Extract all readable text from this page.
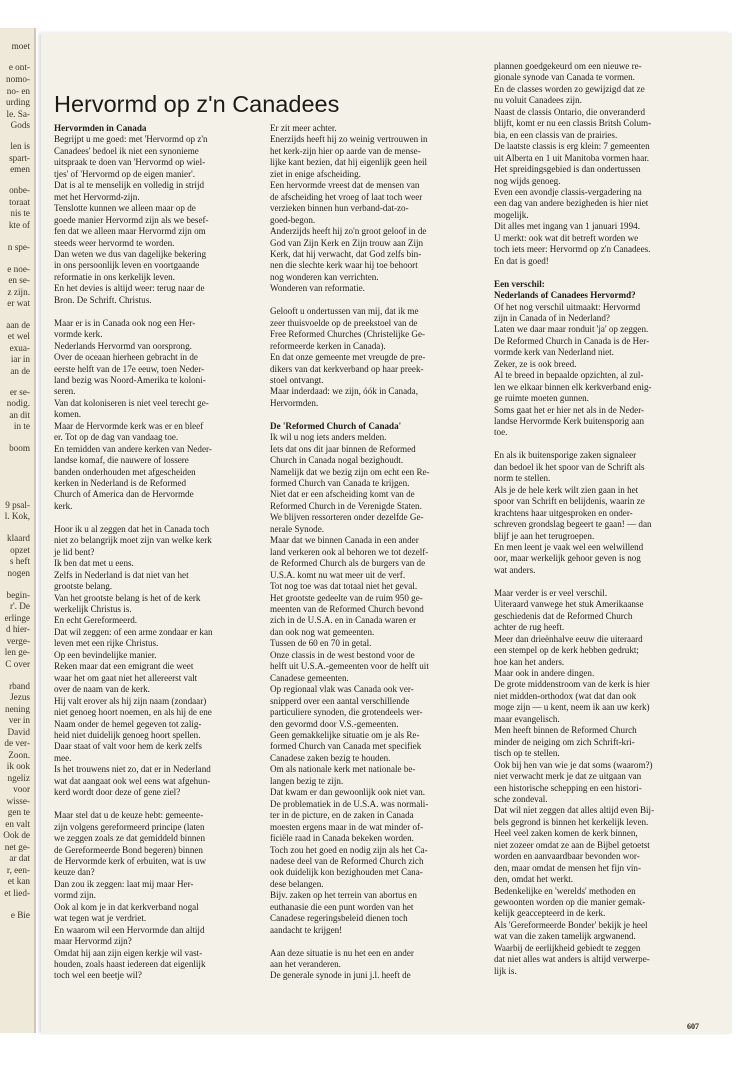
moet
e ont-
nomo-
no- en
urding
le. Sa-
Gods
len is
spart-
emen
onbe-
toraat
nis te
kte of
n spe-
e noe-
en se-
z zijn.
er wat
aan de
et wel
exua-
iar in
an de
er se-
nodig.
an dit
in te
boom
9 psal-
l. Kok,
klaard
opzet
s heft
nogen
begin-
r'. De
erlinge
d hier-
verge-
len ge-
C over
rband
Jezus
nening
ver in
David
de ver-
Zoon.
ik ook
ngeliz
voor
wisse-
gen te
en valt
Ook de
net ge-
ar dat
r, een-
et kan
et lied-
e Bie
Hervormd op z'n Canadees

Hervormden in Canada

Begrijpt u me goed: met 'Hervormd op z'n

Canadees' bedoel ik niet een synonieme

uitspraak te doen van 'Hervormd op wiel-

tjes' of 'Hervormd op de eigen manier'.

Dat is al te menselijk en volledig in strijd

met het Hervormd-zijn.

Tenslotte kunnen we alleen maar op de

goede manier Hervormd zijn als we besef-

fen dat we alleen maar Hervormd zijn om

steeds weer hervormd te worden.

Dan weten we dus van dagelijke bekering

in ons persoonlijk leven en voortgaande

reformatie in ons kerkelijk leven.

En het devies is altijd weer: terug naar de

Bron. De Schrift. Christus.

Maar er is in Canada ook nog een Her-

vormde kerk.

Nederlands Hervormd van oorsprong.

Over de oceaan hierheen gebracht in de

eerste helft van de 17e eeuw, toen Neder-

land bezig was Noord-Amerika te koloni-

seren.

Van dat koloniseren is niet veel terecht ge-

komen.

Maar de Hervormde kerk was er en bleef

er. Tot op de dag van vandaag toe.

En temidden van andere kerken van Neder-

landse komaf, die nauwere of lossere

banden onderhouden met afgescheiden

kerken in Nederland is de Reformed

Church of America dan de Hervormde

kerk.

Hoor ik u al zeggen dat het in Canada toch

niet zo belangrijk moet zijn van welke kerk

je lid bent?

Ik ben dat met u eens.

Zelfs in Nederland is dat niet van het

grootste belang.

Van het grootste belang is het of de kerk

werkelijk Christus is.

En echt Gereformeerd.

Dat wil zeggen: of een arme zondaar er kan

leven met een rijke Christus.

Op een bevindelijke manier.

Reken maar dat een emigrant die weet

waar het om gaat niet het allereerst valt

over de naam van de kerk.

Hij valt erover als hij zijn naam (zondaar)

niet genoeg hoort noemen, en als hij de ene

Naam onder de hemel gegeven tot zalig-

heid niet duidelijk genoeg hoort spellen.

Daar staat of valt voor hem de kerk zelfs

mee.

Is het trouwens niet zo, dat er in Nederland

wat dat aangaat ook wel eens wat afgehun-

kerd wordt door deze of gene ziel?

Maar stel dat u de keuze hebt: gemeente-

zijn volgens gereformeerd principe (laten

we zeggen zoals ze dat gemiddeld binnen

de Gereformeerde Bond begeren) binnen

de Hervormde kerk of erbuiten, wat is uw

keuze dan?

Dan zou ik zeggen: laat mij maar Her-

vormd zijn.

Ook al kom je in dat kerkverband nogal

wat tegen wat je verdriet.

En waarom wil een Hervormde dan altijd

maar Hervormd zijn?

Omdat hij aan zijn eigen kerkje wil vast-

houden, zoals haast iedereen dat eigenlijk

toch wel een beetje wil?

Er zit meer achter.

Enerzijds heeft hij zo weinig vertrouwen in

het kerk-zijn hier op aarde van de mense-

lijke kant bezien, dat hij eigenlijk geen heil

ziet in enige afscheiding.

Een hervormde vreest dat de mensen van

de afscheiding het vroeg of laat toch weer

verzieken binnen hun verband-dat-zo-

goed-begon.

Anderzijds heeft hij zo'n groot geloof in de

God van Zijn Kerk en Zijn trouw aan Zijn

Kerk, dat hij verwacht, dat God zelfs bin-

nen die slechte kerk waar hij toe behoort

nog wonderen kan verrichten.

Wonderen van reformatie.

Gelooft u ondertussen van mij, dat ik me

zeer thuisvoelde op de preekstoel van de

Free Reformed Churches (Christelijke Ge-

reformeerde kerken in Canada).

En dat onze gemeente met vreugde de pre-

dikers van dat kerkverband op haar preek-

stoel ontvangt.

Maar inderdaad: we zijn, óók in Canada,

Hervormden.

De 'Reformed Church of Canada'

Ik wil u nog iets anders melden.

Iets dat ons dit jaar binnen de Reformed

Church in Canada nogal bezighoudt.

Namelijk dat we bezig zijn om echt een Re-

formed Church van Canada te krijgen.

Niet dat er een afscheiding komt van de

Reformed Church in de Verenigde Staten.

We blijven ressorteren onder dezelfde Ge-

nerale Synode.

Maar dat we binnen Canada in een ander

land verkeren ook al behoren we tot dezelf-

de Reformed Church als de burgers van de

U.S.A. komt nu wat meer uit de verf.

Tot nog toe was dat totaal niet het geval.

Het grootste gedeelte van de ruim 950 ge-

meenten van de Reformed Church bevond

zich in de U.S.A. en in Canada waren er

dan ook nog wat gemeenten.

Tussen de 60 en 70 in getal.

Onze classis in de west bestond voor de

helft uit U.S.A.-gemeenten voor de helft uit

Canadese gemeenten.

Op regionaal vlak was Canada ook ver-

snipperd over een aantal verschillende

particuliere synoden, die grotendeels wer-

den gevormd door V.S.-gemeenten.

Geen gemakkelijke situatie om je als Re-

formed Church van Canada met specifiek

Canadese zaken bezig te houden.

Om als nationale kerk met nationale be-

langen bezig te zijn.

Dat kwam er dan gewoonlijk ook niet van.

De problematiek in de U.S.A. was normali-

ter in de picture, en de zaken in Canada

moesten ergens maar in de wat minder of-

ficiële raad in Canada bekeken worden.

Toch zou het goed en nodig zijn als het Ca-

nadese deel van de Reformed Church zich

ook duidelijk kon bezighouden met Cana-

dese belangen.

Bijv. zaken op het terrein van abortus en

euthanasie die een punt worden van het

Canadese regeringsbeleid dienen toch

aandacht te krijgen!

Aan deze situatie is nu het een en ander

aan het veranderen.

De generale synode in juni j.l. heeft de

plannen goedgekeurd om een nieuwe re-

gionale synode van Canada te vormen.

En de classes worden zo gewijzigd dat ze

nu voluit Canadees zijn.

Naast de classis Ontario, die onveranderd

blijft, komt er nu een classis Britsh Colum-

bia, en een classis van de prairies.

De laatste classis is erg klein: 7 gemeenten

uit Alberta en 1 uit Manitoba vormen haar.

Het spreidingsgebied is dan ondertussen

nog wijds genoeg.

Even een avondje classis-vergadering na

een dag van andere bezigheden is hier niet

mogelijk.

Dit alles met ingang van 1 januari 1994.

U merkt: ook wat dit betreft worden we

toch iets meer: Hervormd op z'n Canadees.

En dat is goed!

Een verschil:

Nederlands of Canadees Hervormd?

Of het nog verschil uitmaakt: Hervormd

zijn in Canada of in Nederland?

Laten we daar maar ronduit 'ja' op zeggen.

De Reformed Church in Canada is de Her-

vormde kerk van Nederland niet.

Zeker, ze is ook breed.

Al te breed in bepaalde opzichten, al zul-

len we elkaar binnen elk kerkverband enig-

ge ruimte moeten gunnen.

Soms gaat het er hier net als in de Neder-

landse Hervormde Kerk buitensporig aan

toe.

En als ik buitensporige zaken signaleer

dan bedoel ik het spoor van de Schrift als

norm te stellen.

Als je de hele kerk wilt zien gaan in het

spoor van Schrift en belijdenis, waarin ze

krachtens haar uitgesproken en onder-

schreven grondslag begeert te gaan! — dan

blijf je aan het terugroepen.

En men leent je vaak wel een welwillend

oor, maar werkelijk gehoor geven is nog

wat anders.

Maar verder is er veel verschil.

Uiteraard vanwege het stuk Amerikaanse

geschiedenis dat de Reformed Church

achter de rug heeft.

Meer dan drieënhalve eeuw die uiteraard

een stempel op de kerk hebben gedrukt;

hoe kan het anders.

Maar ook in andere dingen.

De grote middenstroom van de kerk is hier

niet midden-orthodox (wat dat dan ook

moge zijn — u kent, neem ik aan uw kerk)

maar evangelisch.

Men heeft binnen de Reformed Church

minder de neiging om zich Schrift-kri-

tisch op te stellen.

Ook bij hen van wie je dat soms (waarom?)

niet verwacht merk je dat ze uitgaan van

een historische schepping en een histori-

sche zondeval.

Dat wil niet zeggen dat alles altijd even Bij-

bels gegrond is binnen het kerkelijk leven.

Heel veel zaken komen de kerk binnen,

niet zozeer omdat ze aan de Bijbel getoetst

worden en aanvaardbaar bevonden wor-

den, maar omdat de mensen het fijn vin-

den, omdat het werkt.

Bedenkelijke en 'werelds' methoden en

gewoonten worden op die manier gemak-

kelijk geaccepteerd in de kerk.

Als 'Gereformeerde Bonder' bekijk je heel

wat van die zaken tamelijk argwanend.

Waarbij de eerlijkheid gebiedt te zeggen

dat niet alles wat anders is altijd verwerpe-

lijk is.

607
